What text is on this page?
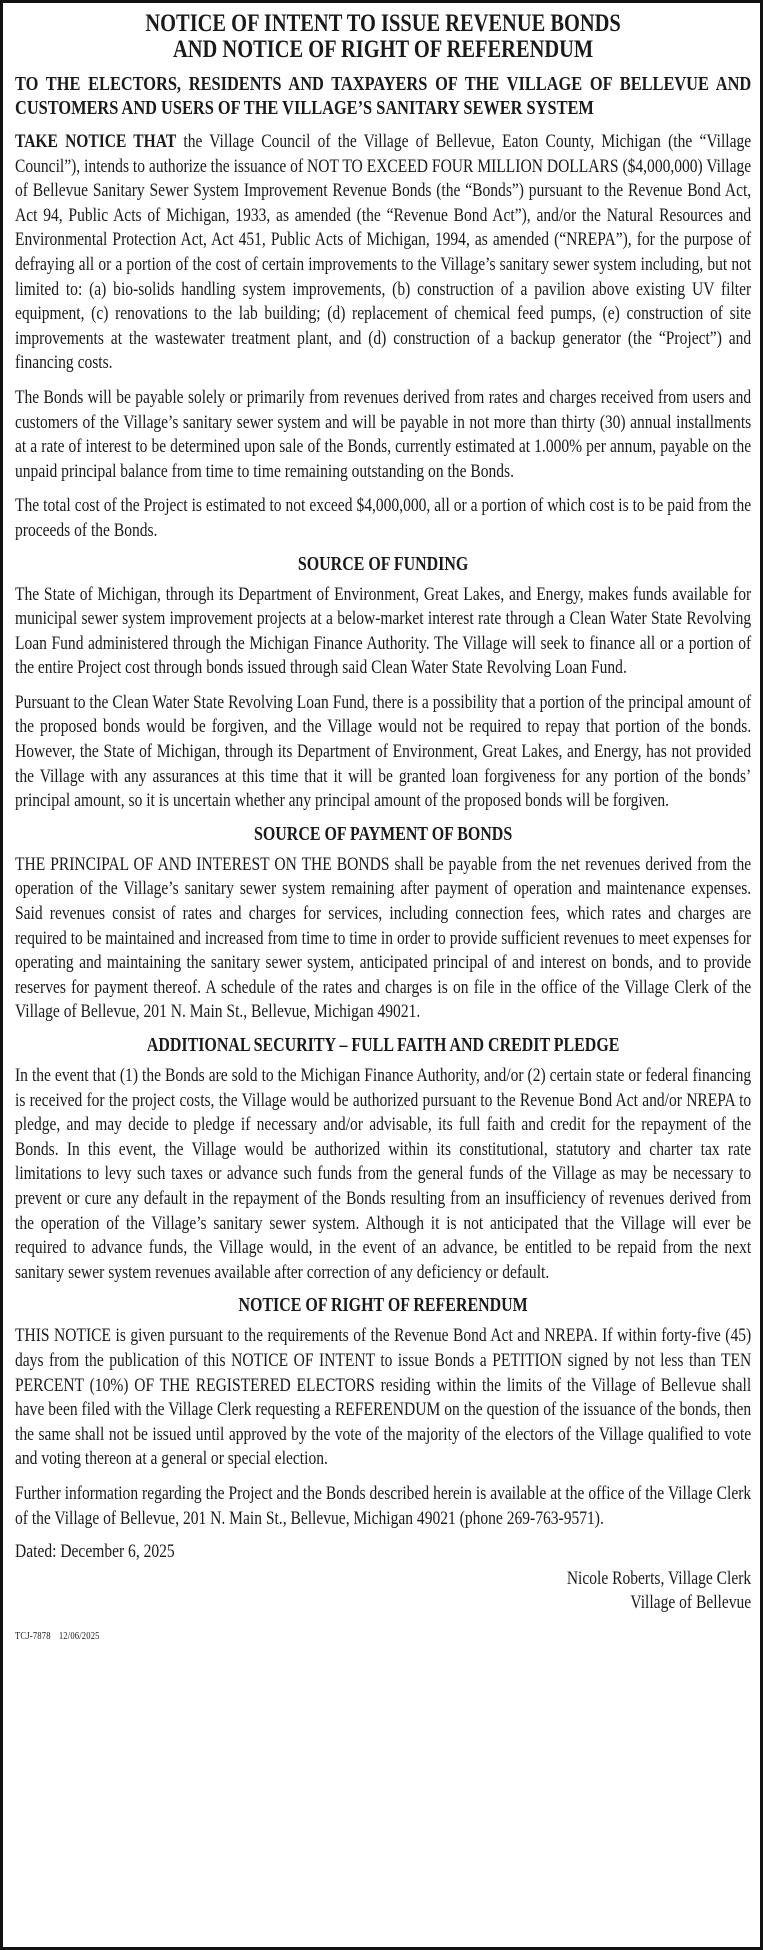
NOTICE OF INTENT TO ISSUE REVENUE BONDS
AND NOTICE OF RIGHT OF REFERENDUM
TO THE ELECTORS, RESIDENTS AND TAXPAYERS OF THE VILLAGE OF BELLEVUE AND CUSTOMERS AND USERS OF THE VILLAGE’S SANITARY SEWER SYSTEM

TAKE NOTICE THAT the Village Council of the Village of Bellevue, Eaton County, Michigan (the “Village Council”), intends to authorize the issuance of NOT TO EXCEED FOUR MILLION DOLLARS ($4,000,000) Village of Bellevue Sanitary Sewer System Improvement Revenue Bonds (the “Bonds”) pursuant to the Revenue Bond Act, Act 94, Public Acts of Michigan, 1933, as amended (the “Revenue Bond Act”), and/or the Natural Resources and Environmental Protection Act, Act 451, Public Acts of Michigan, 1994, as amended (“NREPA”), for the purpose of defraying all or a portion of the cost of certain improvements to the Village’s sanitary sewer system including, but not limited to: (a) bio-solids handling system improvements, (b) construction of a pavilion above existing UV filter equipment, (c) renovations to the lab building; (d) replacement of chemical feed pumps, (e) construction of site improvements at the wastewater treatment plant, and (d) construction of a backup generator (the “Project”) and financing costs.

The Bonds will be payable solely or primarily from revenues derived from rates and charges received from users and customers of the Village’s sanitary sewer system and will be payable in not more than thirty (30) annual installments at a rate of interest to be determined upon sale of the Bonds, currently estimated at 1.000% per annum, payable on the unpaid principal balance from time to time remaining outstanding on the Bonds.

The total cost of the Project is estimated to not exceed $4,000,000, all or a portion of which cost is to be paid from the proceeds of the Bonds.

SOURCE OF FUNDING

The State of Michigan, through its Department of Environment, Great Lakes, and Energy, makes funds available for municipal sewer system improvement projects at a below-market interest rate through a Clean Water State Revolving Loan Fund administered through the Michigan Finance Authority. The Village will seek to finance all or a portion of the entire Project cost through bonds issued through said Clean Water State Revolving Loan Fund.

Pursuant to the Clean Water State Revolving Loan Fund, there is a possibility that a portion of the principal amount of the proposed bonds would be forgiven, and the Village would not be required to repay that portion of the bonds. However, the State of Michigan, through its Department of Environment, Great Lakes, and Energy, has not provided the Village with any assurances at this time that it will be granted loan forgiveness for any portion of the bonds’ principal amount, so it is uncertain whether any principal amount of the proposed bonds will be forgiven.

SOURCE OF PAYMENT OF BONDS

THE PRINCIPAL OF AND INTEREST ON THE BONDS shall be payable from the net revenues derived from the operation of the Village’s sanitary sewer system remaining after payment of operation and maintenance expenses. Said revenues consist of rates and charges for services, including connection fees, which rates and charges are required to be maintained and increased from time to time in order to provide sufficient revenues to meet expenses for operating and maintaining the sanitary sewer system, anticipated principal of and interest on bonds, and to provide reserves for payment thereof. A schedule of the rates and charges is on file in the office of the Village Clerk of the Village of Bellevue, 201 N. Main St., Bellevue, Michigan 49021.

ADDITIONAL SECURITY – FULL FAITH AND CREDIT PLEDGE

In the event that (1) the Bonds are sold to the Michigan Finance Authority, and/or (2) certain state or federal financing is received for the project costs, the Village would be authorized pursuant to the Revenue Bond Act and/or NREPA to pledge, and may decide to pledge if necessary and/or advisable, its full faith and credit for the repayment of the Bonds. In this event, the Village would be authorized within its constitutional, statutory and charter tax rate limitations to levy such taxes or advance such funds from the general funds of the Village as may be necessary to prevent or cure any default in the repayment of the Bonds resulting from an insufficiency of revenues derived from the operation of the Village’s sanitary sewer system. Although it is not anticipated that the Village will ever be required to advance funds, the Village would, in the event of an advance, be entitled to be repaid from the next sanitary sewer system revenues available after correction of any deficiency or default.

NOTICE OF RIGHT OF REFERENDUM

THIS NOTICE is given pursuant to the requirements of the Revenue Bond Act and NREPA. If within forty-five (45) days from the publication of this NOTICE OF INTENT to issue Bonds a PETITION signed by not less than TEN PERCENT (10%) OF THE REGISTERED ELECTORS residing within the limits of the Village of Bellevue shall have been filed with the Village Clerk requesting a REFERENDUM on the question of the issuance of the bonds, then the same shall not be issued until approved by the vote of the majority of the electors of the Village qualified to vote and voting thereon at a general or special election.

Further information regarding the Project and the Bonds described herein is available at the office of the Village Clerk of the Village of Bellevue, 201 N. Main St., Bellevue, Michigan 49021 (phone 269-763-9571).

Dated: December 6, 2025
Nicole Roberts, Village Clerk
Village of Bellevue
TCJ-7878 12/06/2025
